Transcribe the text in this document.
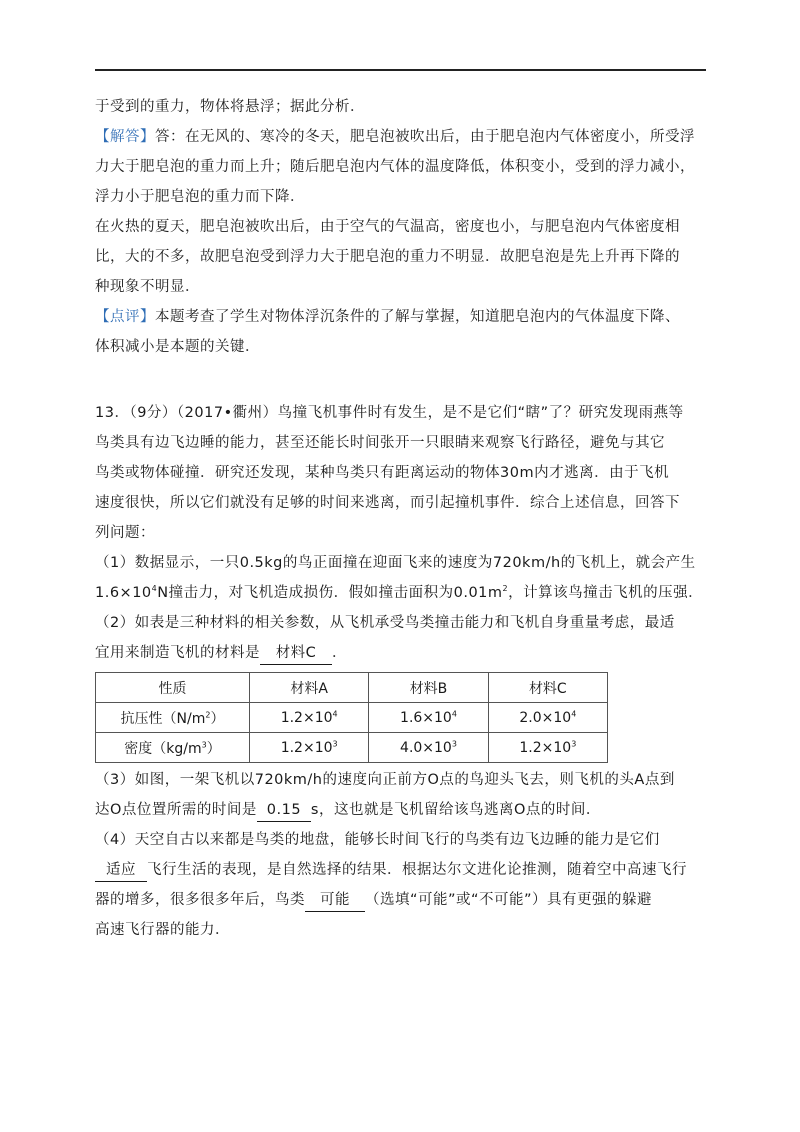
于受到的重力，物体将悬浮；据此分析．

【解答】答：在无风的、寒冷的冬天，肥皂泡被吹出后，由于肥皂泡内气体密度小，所受浮

力大于肥皂泡的重力而上升；随后肥皂泡内气体的温度降低，体积变小，受到的浮力减小，

浮力小于肥皂泡的重力而下降．

在火热的夏天，肥皂泡被吹出后，由于空气的气温高，密度也小，与肥皂泡内气体密度相

比，大的不多，故肥皂泡受到浮力大于肥皂泡的重力不明显．故肥皂泡是先上升再下降的

种现象不明显．

【点评】本题考查了学生对物体浮沉条件的了解与掌握，知道肥皂泡内的气体温度下降、

体积减小是本题的关键．

13．（9分）（2017•衢州）鸟撞飞机事件时有发生，是不是它们“瞎”了？研究发现雨燕等

鸟类具有边飞边睡的能力，甚至还能长时间张开一只眼睛来观察飞行路径，避免与其它

鸟类或物体碰撞．研究还发现，某种鸟类只有距离运动的物体30m内才逃离．由于飞机

速度很快，所以它们就没有足够的时间来逃离，而引起撞机事件．综合上述信息，回答下

列问题：

（1）数据显示，一只0.5kg的鸟正面撞在迎面飞来的速度为720km/h的飞机上，就会产生

$1.6\times 10^4N$撞击力，对飞机造成损伤．假如撞击面积为$0.01m^2$，计算该鸟撞击飞机的压强．

（2）如表是三种材料的相关参数，从飞机承受鸟类撞击能力和飞机自身重量考虑，最适

宜用来制造飞机的材料是 材料C ．

性质	材料A	材料B	材料C
抗压性$(N/m^2)$	$1.2\times 10^4$	$1.6\times 10^4$	$2.0\times 10^4$
密度$(kg/m^3)$	$1.2\times 10^3$	$4.0\times 10^3$	$1.2\times 10^3$

（3）如图，一架飞机以720km/h的速度向正前方O点的鸟迎头飞去，则飞机的头A点到

达O点位置所需的时间是 0.15 s，这也就是飞机留给该鸟逃离O点的时间．

（4）天空自古以来都是鸟类的地盘，能够长时间飞行的鸟类有边飞边睡的能力是它们

适应 飞行生活的表现，是自然选择的结果．根据达尔文进化论推测，随着空中高速飞行

器的增多，很多很多年后，鸟类 可能 （选填“可能”或“不可能”）具有更强的躲避

高速飞行器的能力．
